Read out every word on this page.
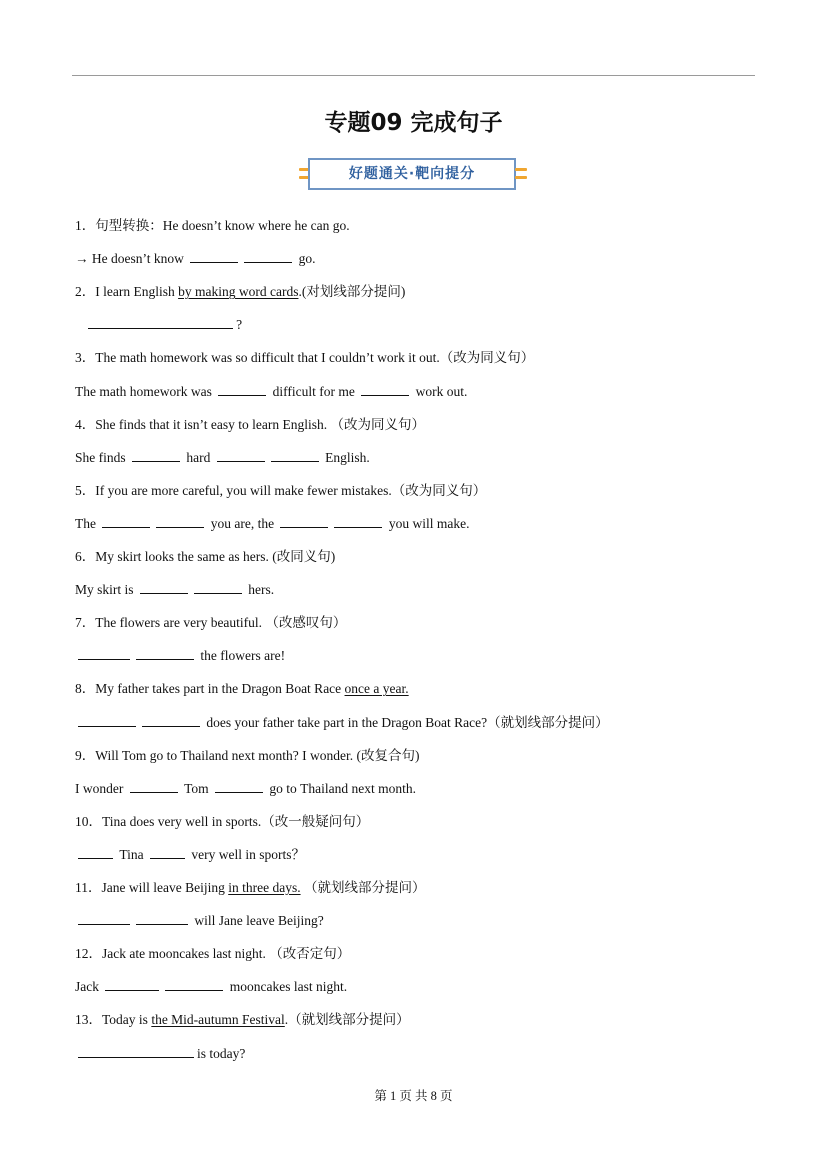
专题09 完成句子
好题通关·靶向提分
1．句型转换：He doesn’t know where he can go.
→ He doesn’t know	go.
2．I learn English by making word cards.(对划线部分提问)
?
3．The math homework was so difficult that I couldn’t work it out.（改为同义句）
The math homework was	difficult for me	work out.
4．She finds that it isn’t easy to learn English. （改为同义句）
She finds	hard	English.
5．If you are more careful, you will make fewer mistakes.（改为同义句）
The	you are, the	you will make.
6．My skirt looks the same as hers. (改同义句)
My skirt is	hers.
7．The flowers are very beautiful. （改感叹句）
the flowers are!
8．My father takes part in the Dragon Boat Race once a year.
does your father take part in the Dragon Boat Race?（就划线部分提问）
9．Will Tom go to Thailand next month? I wonder. (改复合句)
I wonder	Tom	go to Thailand next month.
10．Tina does very well in sports.（改一般疑问句）
Tina	very well in sports？
11．Jane will leave Beijing in three days. （就划线部分提问）
will Jane leave Beijing?
12．Jack ate mooncakes last night. （改否定句）
Jack	mooncakes last night.
13．Today is the Mid-autumn Festival.（就划线部分提问）
is today?
第 1 页 共 8 页
